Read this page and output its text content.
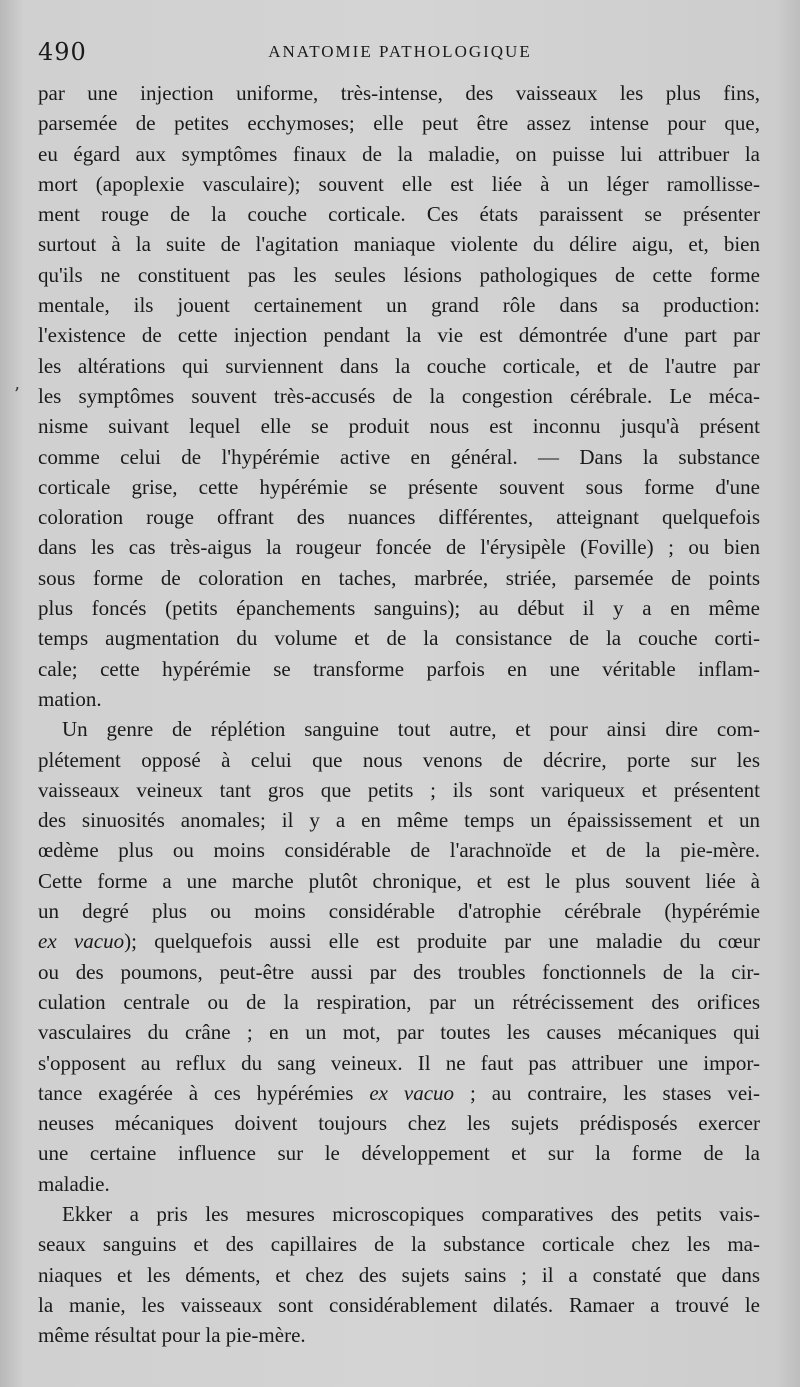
490	ANATOMIE PATHOLOGIQUE
’
par une injection uniforme, très-intense, des vaisseaux les plus fins,
parsemée de petites ecchymoses; elle peut être assez intense pour que,
eu égard aux symptômes finaux de la maladie, on puisse lui attribuer la
mort (apoplexie vasculaire); souvent elle est liée à un léger ramollisse-
ment rouge de la couche corticale. Ces états paraissent se présenter
surtout à la suite de l'agitation maniaque violente du délire aigu, et, bien
qu'ils ne constituent pas les seules lésions pathologiques de cette forme
mentale, ils jouent certainement un grand rôle dans sa production:
l'existence de cette injection pendant la vie est démontrée d'une part par
les altérations qui surviennent dans la couche corticale, et de l'autre par
les symptômes souvent très-accusés de la congestion cérébrale. Le méca-
nisme suivant lequel elle se produit nous est inconnu jusqu'à présent
comme celui de l'hypérémie active en général. — Dans la substance
corticale grise, cette hypérémie se présente souvent sous forme d'une
coloration rouge offrant des nuances différentes, atteignant quelquefois
dans les cas très-aigus la rougeur foncée de l'érysipèle (Foville) ; ou bien
sous forme de coloration en taches, marbrée, striée, parsemée de points
plus foncés (petits épanchements sanguins); au début il y a en même
temps augmentation du volume et de la consistance de la couche corti-
cale; cette hypérémie se transforme parfois en une véritable inflam-
mation.
Un genre de réplétion sanguine tout autre, et pour ainsi dire com-
plétement opposé à celui que nous venons de décrire, porte sur les
vaisseaux veineux tant gros que petits ; ils sont variqueux et présentent
des sinuosités anomales; il y a en même temps un épaississement et un
œdème plus ou moins considérable de l'arachnoïde et de la pie-mère.
Cette forme a une marche plutôt chronique, et est le plus souvent liée à
un degré plus ou moins considérable d'atrophie cérébrale (hypérémie
ex vacuo); quelquefois aussi elle est produite par une maladie du cœur
ou des poumons, peut-être aussi par des troubles fonctionnels de la cir-
culation centrale ou de la respiration, par un rétrécissement des orifices
vasculaires du crâne ; en un mot, par toutes les causes mécaniques qui
s'opposent au reflux du sang veineux. Il ne faut pas attribuer une impor-
tance exagérée à ces hypérémies ex vacuo ; au contraire, les stases vei-
neuses mécaniques doivent toujours chez les sujets prédisposés exercer
une certaine influence sur le développement et sur la forme de la
maladie.
Ekker a pris les mesures microscopiques comparatives des petits vais-
seaux sanguins et des capillaires de la substance corticale chez les ma-
niaques et les déments, et chez des sujets sains ; il a constaté que dans
la manie, les vaisseaux sont considérablement dilatés. Ramaer a trouvé le
même résultat pour la pie-mère.
